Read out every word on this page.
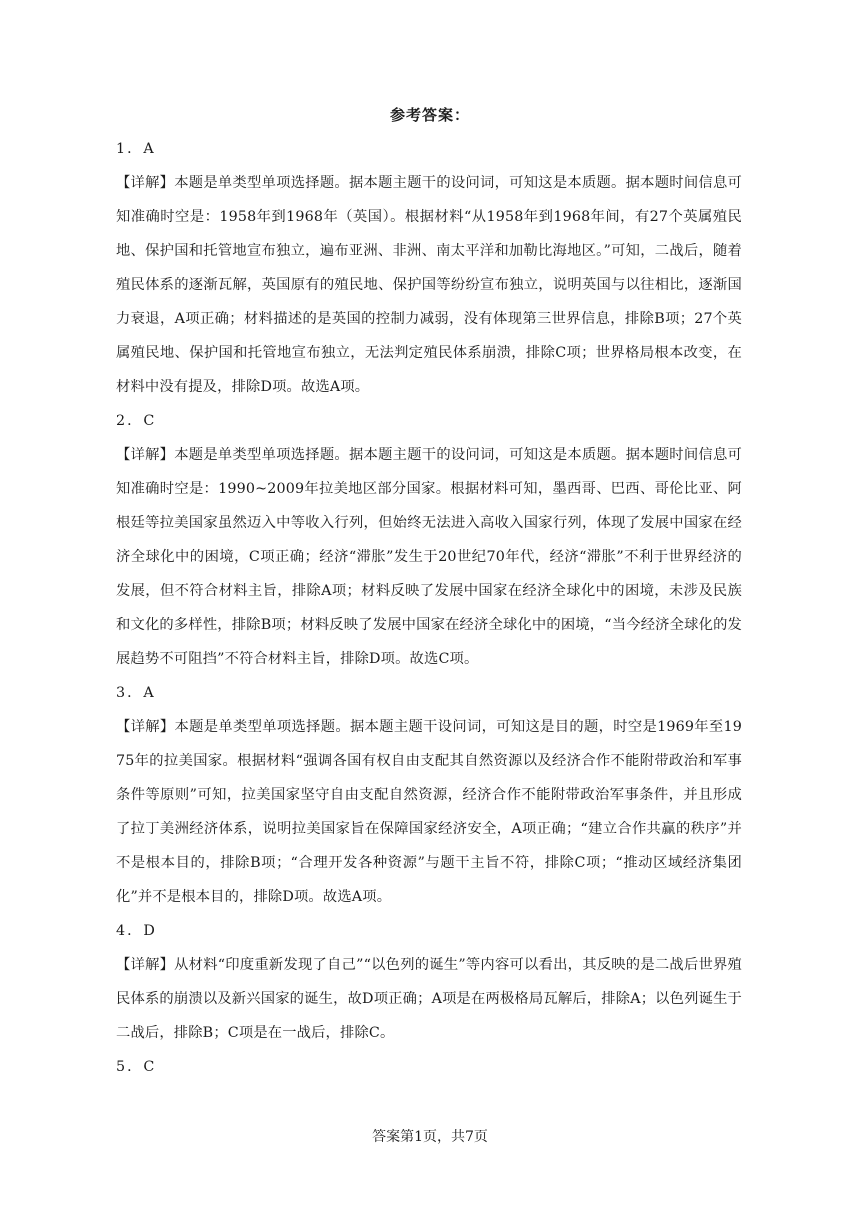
参考答案：

1．A

【详解】本题是单类型单项选择题。据本题主题干的设问词，可知这是本质题。据本题时间信息可知准确时空是：1958年到1968年（英国）。根据材料“从1958年到1968年间，有27个英属殖民地、保护国和托管地宣布独立，遍布亚洲、非洲、南太平洋和加勒比海地区。”可知，二战后，随着殖民体系的逐渐瓦解，英国原有的殖民地、保护国等纷纷宣布独立，说明英国与以往相比，逐渐国力衰退，A项正确；材料描述的是英国的控制力减弱，没有体现第三世界信息，排除B项；27个英属殖民地、保护国和托管地宣布独立，无法判定殖民体系崩溃，排除C项；世界格局根本改变，在材料中没有提及，排除D项。故选A项。

2．C

【详解】本题是单类型单项选择题。据本题主题干的设问词，可知这是本质题。据本题时间信息可知准确时空是：1990~2009年拉美地区部分国家。根据材料可知，墨西哥、巴西、哥伦比亚、阿根廷等拉美国家虽然迈入中等收入行列，但始终无法进入高收入国家行列，体现了发展中国家在经济全球化中的困境，C项正确；经济“滞胀”发生于20世纪70年代，经济“滞胀”不利于世界经济的发展，但不符合材料主旨，排除A项；材料反映了发展中国家在经济全球化中的困境，未涉及民族和文化的多样性，排除B项；材料反映了发展中国家在经济全球化中的困境，“当今经济全球化的发展趋势不可阻挡”不符合材料主旨，排除D项。故选C项。

3．A

【详解】本题是单类型单项选择题。据本题主题干设问词，可知这是目的题，时空是1969年至1975年的拉美国家。根据材料“强调各国有权自由支配其自然资源以及经济合作不能附带政治和军事条件等原则”可知，拉美国家坚守自由支配自然资源，经济合作不能附带政治军事条件，并且形成了拉丁美洲经济体系，说明拉美国家旨在保障国家经济安全，A项正确；“建立合作共赢的秩序”并不是根本目的，排除B项；“合理开发各种资源”与题干主旨不符，排除C项；“推动区域经济集团化”并不是根本目的，排除D项。故选A项。

4．D

【详解】从材料“印度重新发现了自己”“以色列的诞生”等内容可以看出，其反映的是二战后世界殖民体系的崩溃以及新兴国家的诞生，故D项正确；A项是在两极格局瓦解后，排除A；以色列诞生于二战后，排除B；C项是在一战后，排除C。

5．C

答案第1页，共7页
